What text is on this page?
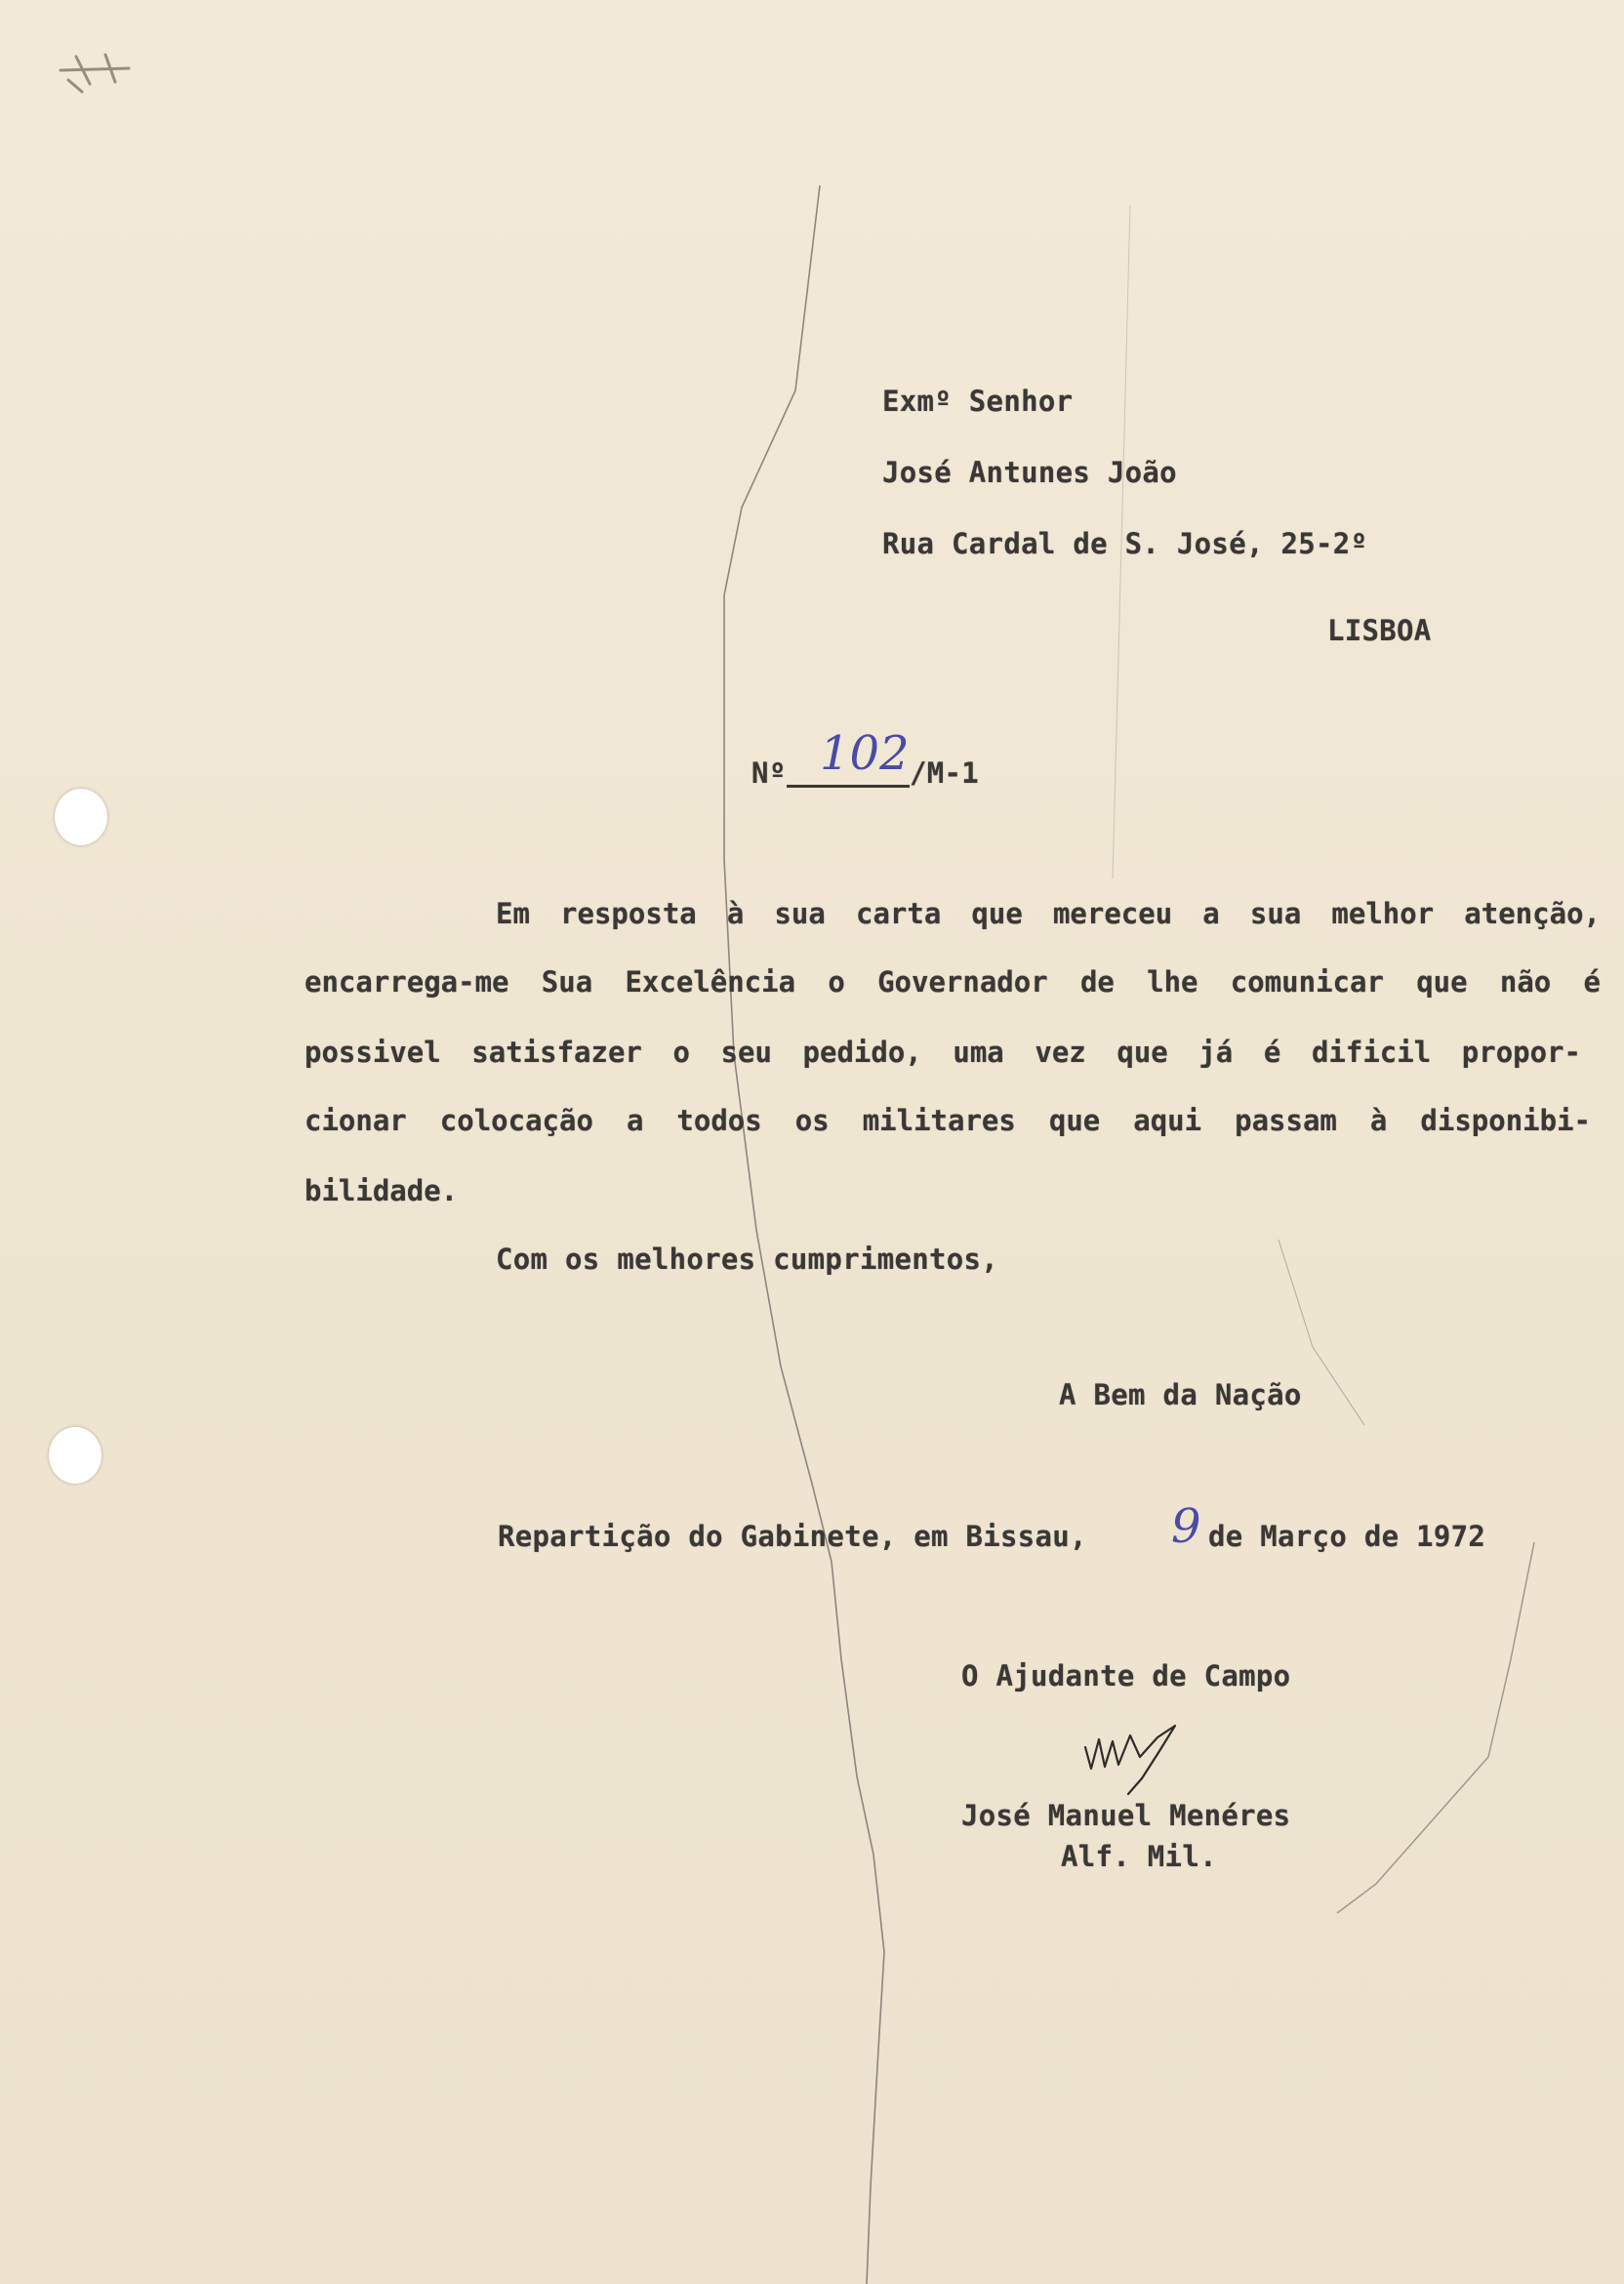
Exmº Senhor
José Antunes João
Rua Cardal de S. José, 25-2º
LISBOA
Nº 102 /M-1
Em resposta à sua carta que mereceu a sua melhor atenção,
encarrega-me Sua Excelência o Governador de lhe comunicar que não é
possivel satisfazer o seu pedido, uma vez que já é dificil propor-
cionar colocação a todos os militares que aqui passam à disponibi-
bilidade.
Com os melhores cumprimentos,
A Bem da Nação
Repartição do Gabinete, em Bissau, 9 de Março de 1972
O Ajudante de Campo
José Manuel Menéres
Alf. Mil.
